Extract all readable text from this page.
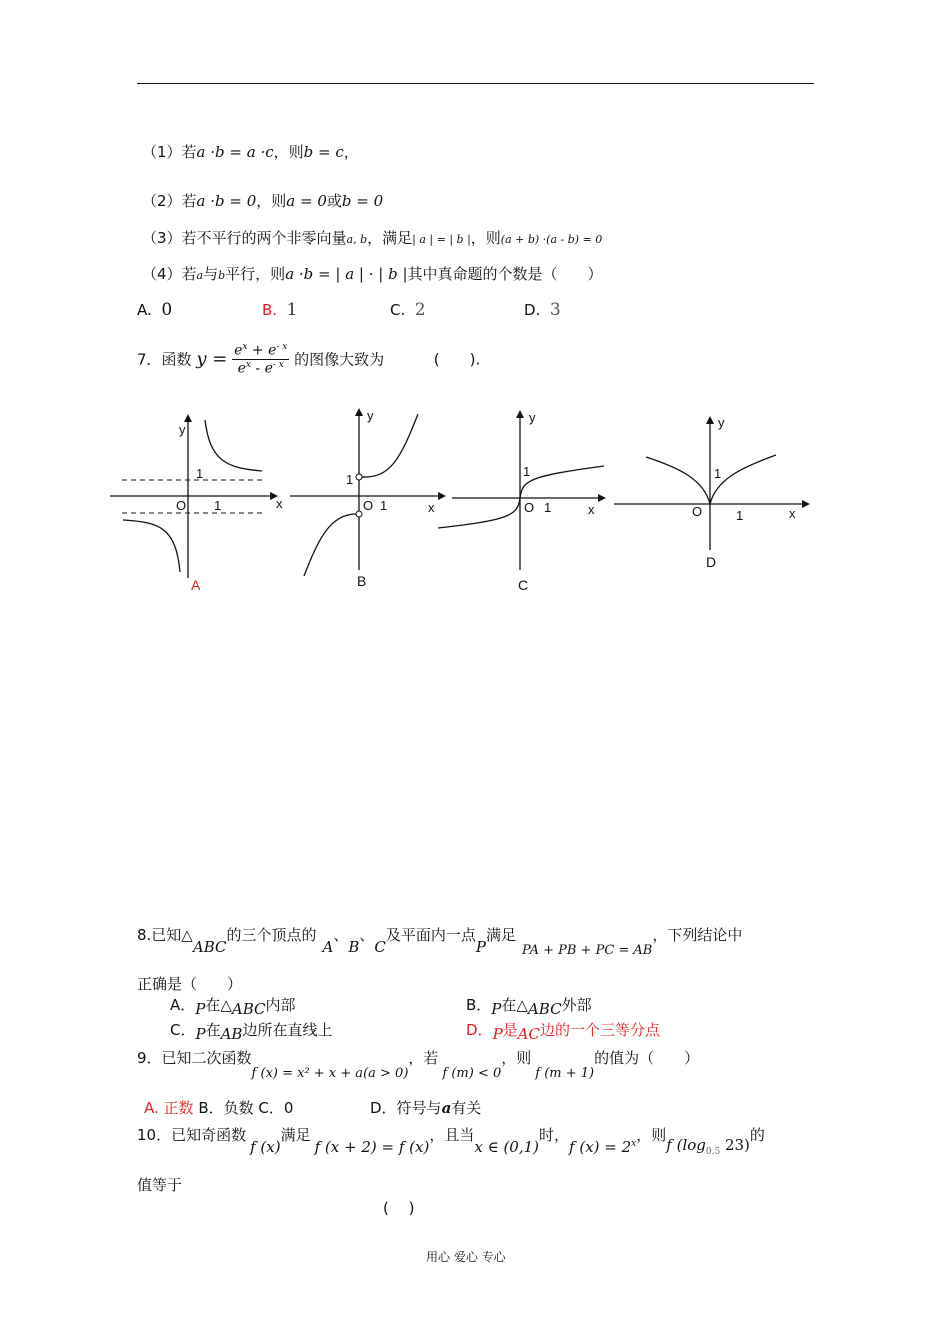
（1）若a ·b = a ·c，则b = c，
（2）若a ·b = 0，则a = 0或b = 0
（3）若不平行的两个非零向量a, b，满足| a | = | b |，则(a + b) ·(a - b) = 0
（4）若a与b平行，则a ·b = | a | · | b |其中真命题的个数是（　　）
A. 0	B. 1	C. 2	D. 3
7．函数 $y = \frac{e^x + e^{- x}}{e^x - e^{- x}}$ 的图像大致为	(　　).
y
1
O 1	x
A
y
1
O 1	x
B
y
1
O 1	x
C
y
1
O	1	x
D
8.已知△ABC的三个顶点的A、B、C及平面内一点P满足PA + PB + PC = AB，下列结论中
正确是（　　）
A．P在△ABC内部	B．P在△ABC外部
C．P在AB边所在直线上	D．P是AC边的一个三等分点
9．已知二次函数f (x) = x² + x + a(a > 0)，若f (m) < 0，则f (m + 1)的值为（　　）
A. 正数 B．负数 C．0	D．符号与a有关
10．已知奇函数f (x)满足f (x + 2) = f (x)，且当x ∈ (0,1)时，f $(x) = 2^x$，则f ($\log_{0.5}$ 23)的
值等于
(　 )
用心 爱心 专心
